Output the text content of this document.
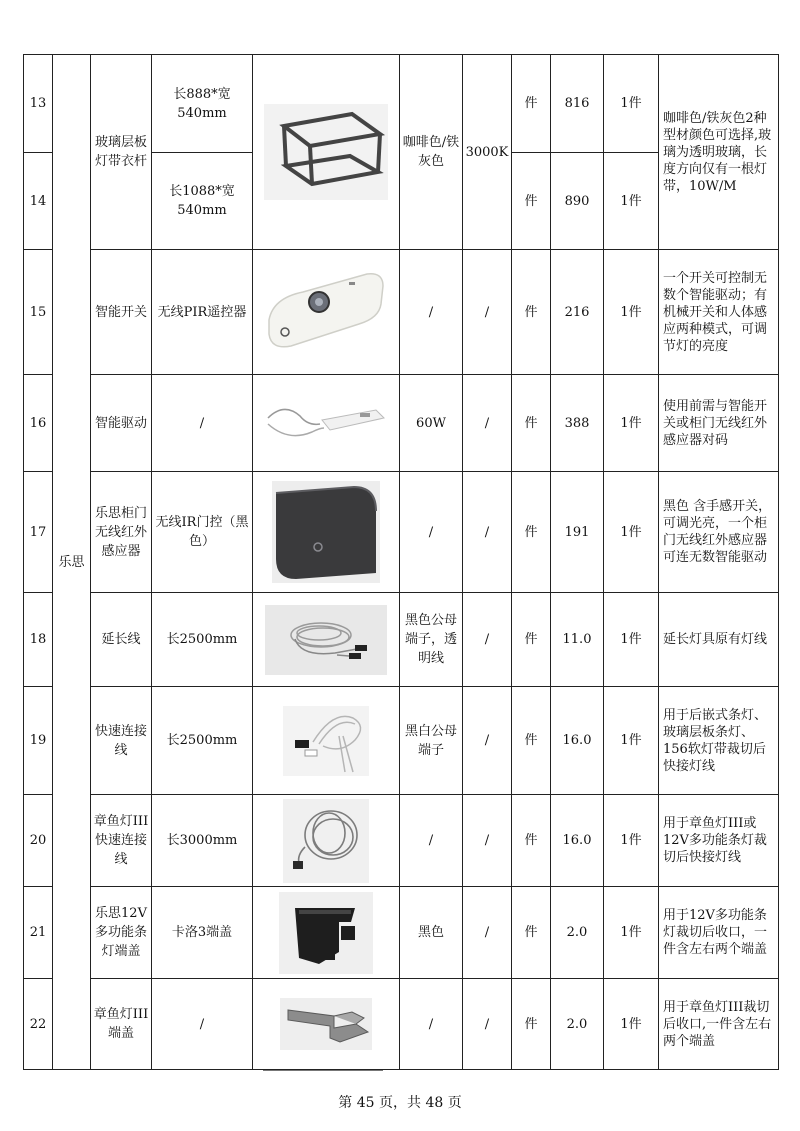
13	乐思	玻璃层板灯带衣杆	长888*宽540mm		咖啡色/铁灰色	3000K	件	816	1件	咖啡色/铁灰色2种型材颜色可选择,玻璃为透明玻璃，长度方向仅有一根灯带，10W/M
14			长1088*宽540mm				件	890	1件	
15		智能开关	无线PIR遥控器		/	/	件	216	1件	一个开关可控制无数个智能驱动；有机械开关和人体感应两种模式，可调节灯的亮度
16		智能驱动	/		60W	/	件	388	1件	使用前需与智能开关或柜门无线红外感应器对码
17		乐思柜门无线红外感应器	无线IR门控（黑色）		/	/	件	191	1件	黑色 含手感开关，可调光亮，一个柜门无线红外感应器可连无数智能驱动
18		延长线	长2500mm		黑色公母端子，透明线	/	件	11.0	1件	延长灯具原有灯线
19		快速连接线	长2500mm		黑白公母端子	/	件	16.0	1件	用于后嵌式条灯、玻璃层板条灯、156软灯带裁切后快接灯线
20		章鱼灯III快速连接线	长3000mm		/	/	件	16.0	1件	用于章鱼灯III或12V多功能条灯裁切后快接灯线
21		乐思12V多功能条灯端盖	卡洛3端盖		黑色	/	件	2.0	1件	用于12V多功能条灯裁切后收口，一件含左右两个端盖
22		章鱼灯III端盖	/		/	/	件	2.0	1件	用于章鱼灯III裁切后收口,一件含左右两个端盖
第 45 页，共 48 页
